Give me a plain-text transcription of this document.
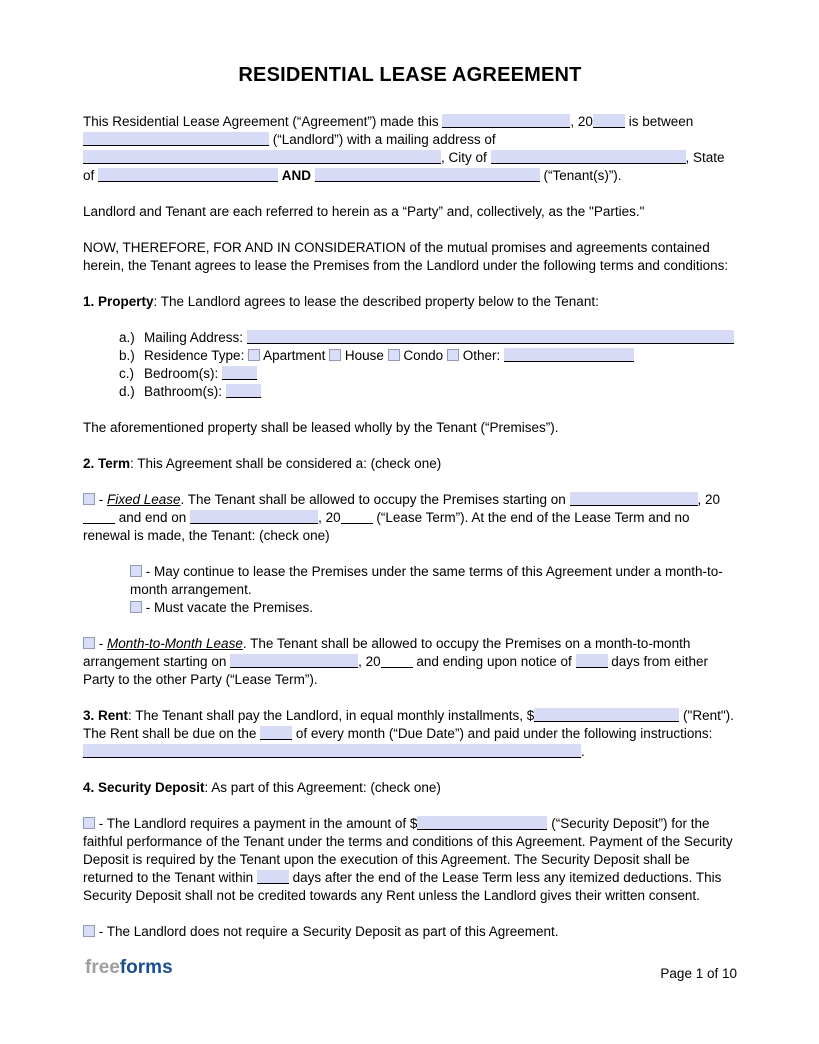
RESIDENTIAL LEASE AGREEMENT

This Residential Lease Agreement (“Agreement”) made this	, 20 is between  (“Landlord”) with a mailing address of , City of	, State of	AND	(“Tenant(s)”).

Landlord and Tenant are each referred to herein as a “Party” and, collectively, as the "Parties."

NOW, THEREFORE, FOR AND IN CONSIDERATION of the mutual promises and agreements contained herein, the Tenant agrees to lease the Premises from the Landlord under the following terms and conditions:

1. Property: The Landlord agrees to lease the described property below to the Tenant:

a.) Mailing Address:
b.) Residence Type:  Apartment  House  Condo  Other:
c.) Bedroom(s):
d.) Bathroom(s):

The aforementioned property shall be leased wholly by the Tenant (“Premises”).

2. Term: This Agreement shall be considered a: (check one)

- Fixed Lease. The Tenant shall be allowed to occupy the Premises starting on	, 20 and end on	, 20 (“Lease Term”). At the end of the Lease Term and no renewal is made, the Tenant: (check one)

- May continue to lease the Premises under the same terms of this Agreement under a month-to-month arrangement.
- Must vacate the Premises.

- Month-to-Month Lease. The Tenant shall be allowed to occupy the Premises on a month-to-month arrangement starting on	, 20 and ending upon notice of  days from either Party to the other Party (“Lease Term”).

3. Rent: The Tenant shall pay the Landlord, in equal monthly installments, $	("Rent"). The Rent shall be due on the  of every month (“Due Date”) and paid under the following instructions: .

4. Security Deposit: As part of this Agreement: (check one)

- The Landlord requires a payment in the amount of $	(“Security Deposit”) for the faithful performance of the Tenant under the terms and conditions of this Agreement. Payment of the Security Deposit is required by the Tenant upon the execution of this Agreement. The Security Deposit shall be returned to the Tenant within  days after the end of the Lease Term less any itemized deductions. This Security Deposit shall not be credited towards any Rent unless the Landlord gives their written consent.

- The Landlord does not require a Security Deposit as part of this Agreement.

freeforms	Page 1 of 10
